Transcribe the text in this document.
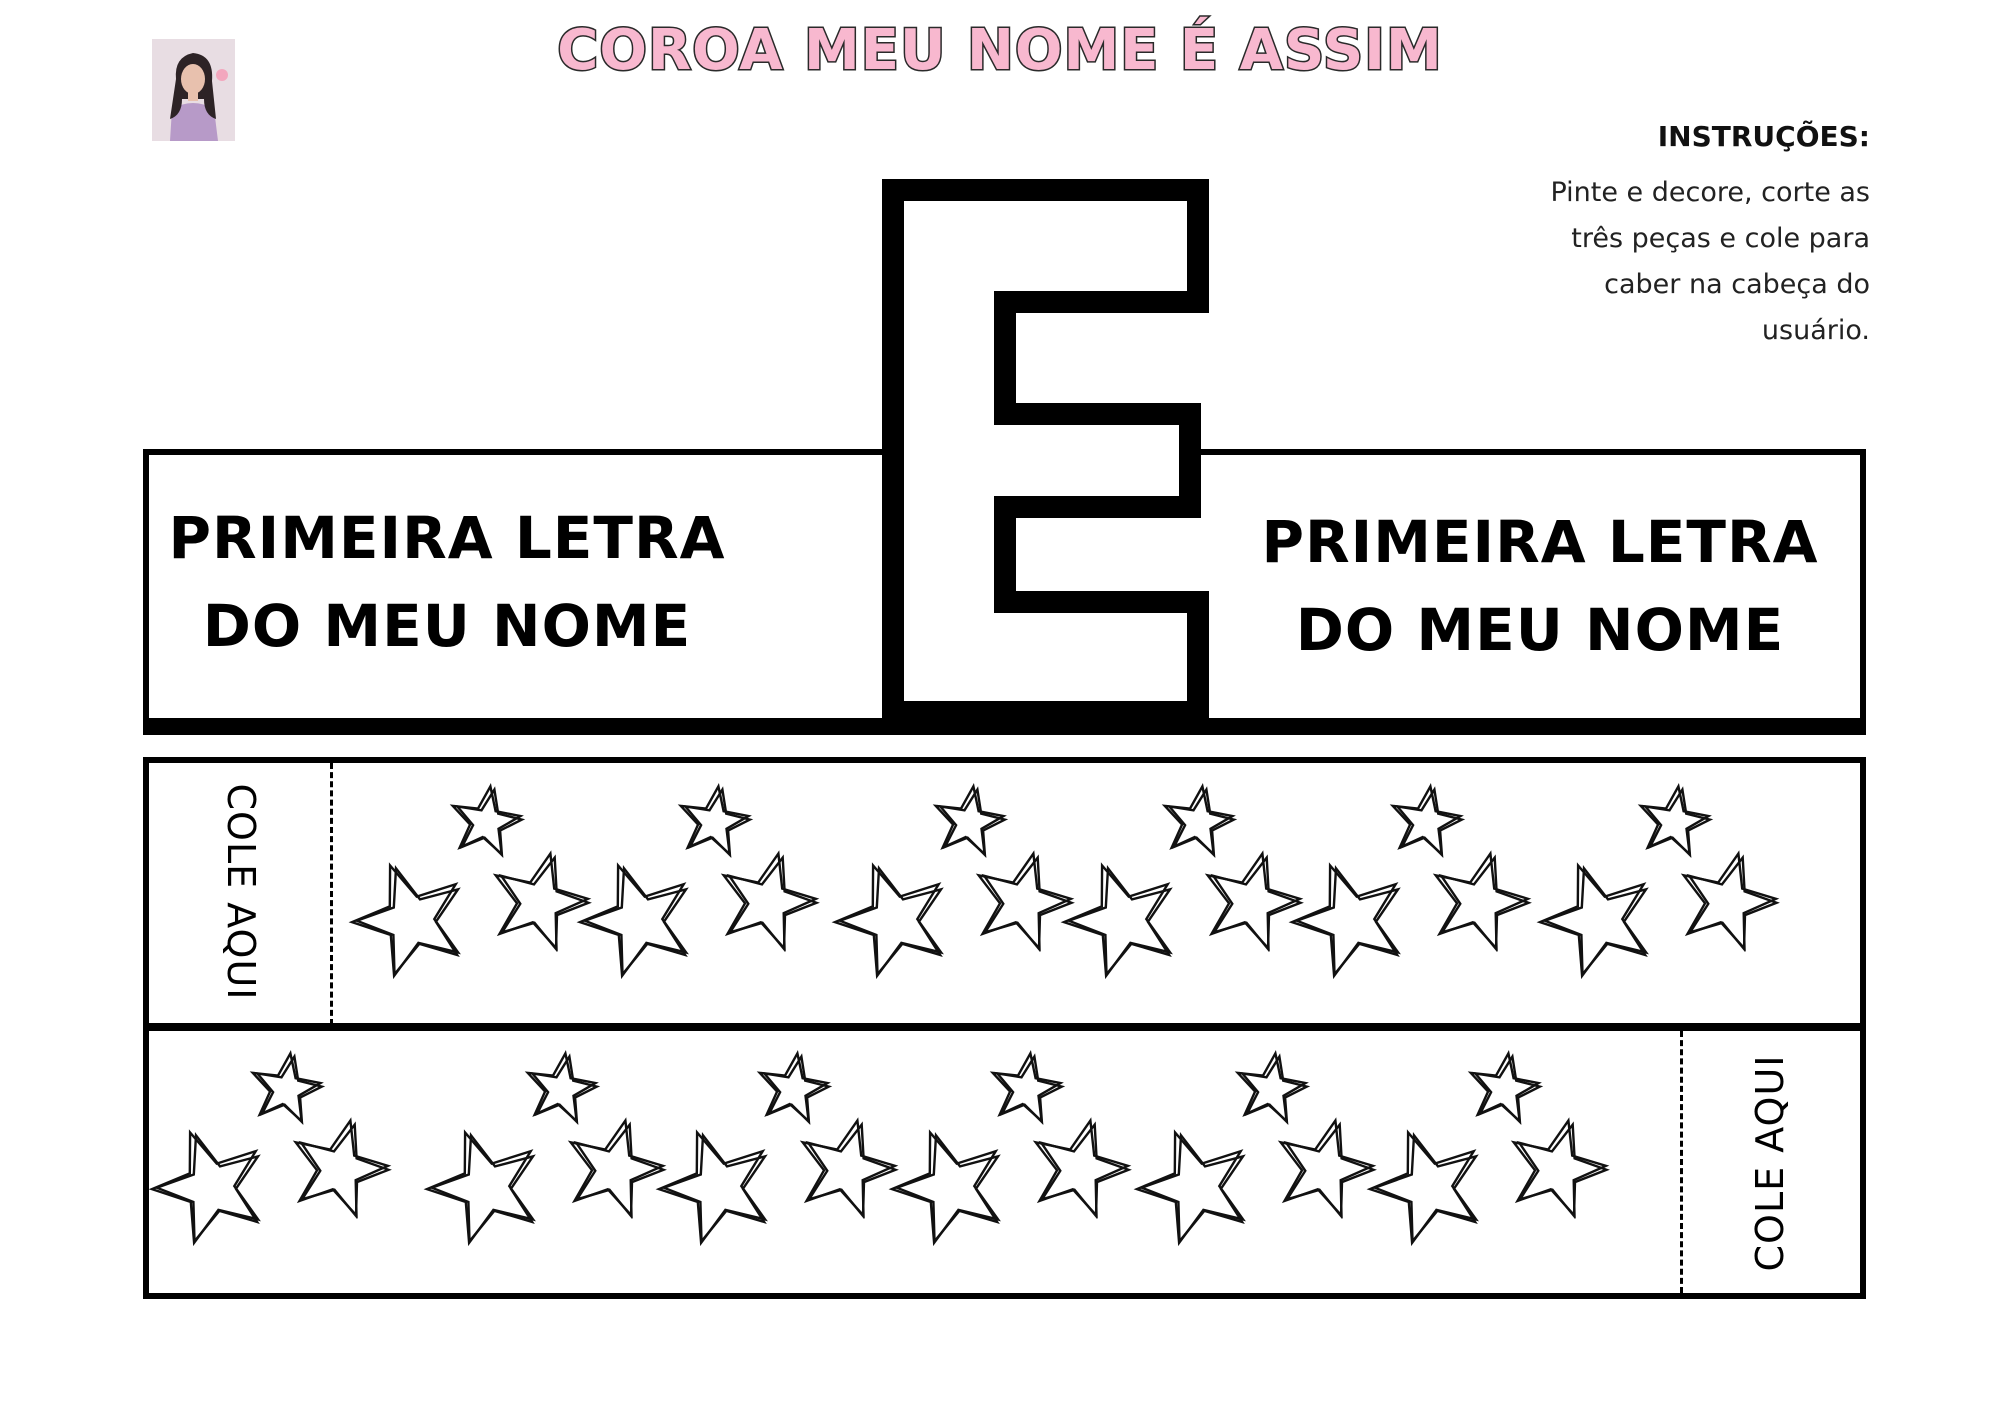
COROA MEU NOME É ASSIM
INSTRUÇÕES:
Pinte e decore, corte as
três peças e cole para
caber na cabeça do
usuário.
PRIMEIRA LETRA
DO MEU NOME
PRIMEIRA LETRA
DO MEU NOME
COLE AQUI
COLE AQUI
